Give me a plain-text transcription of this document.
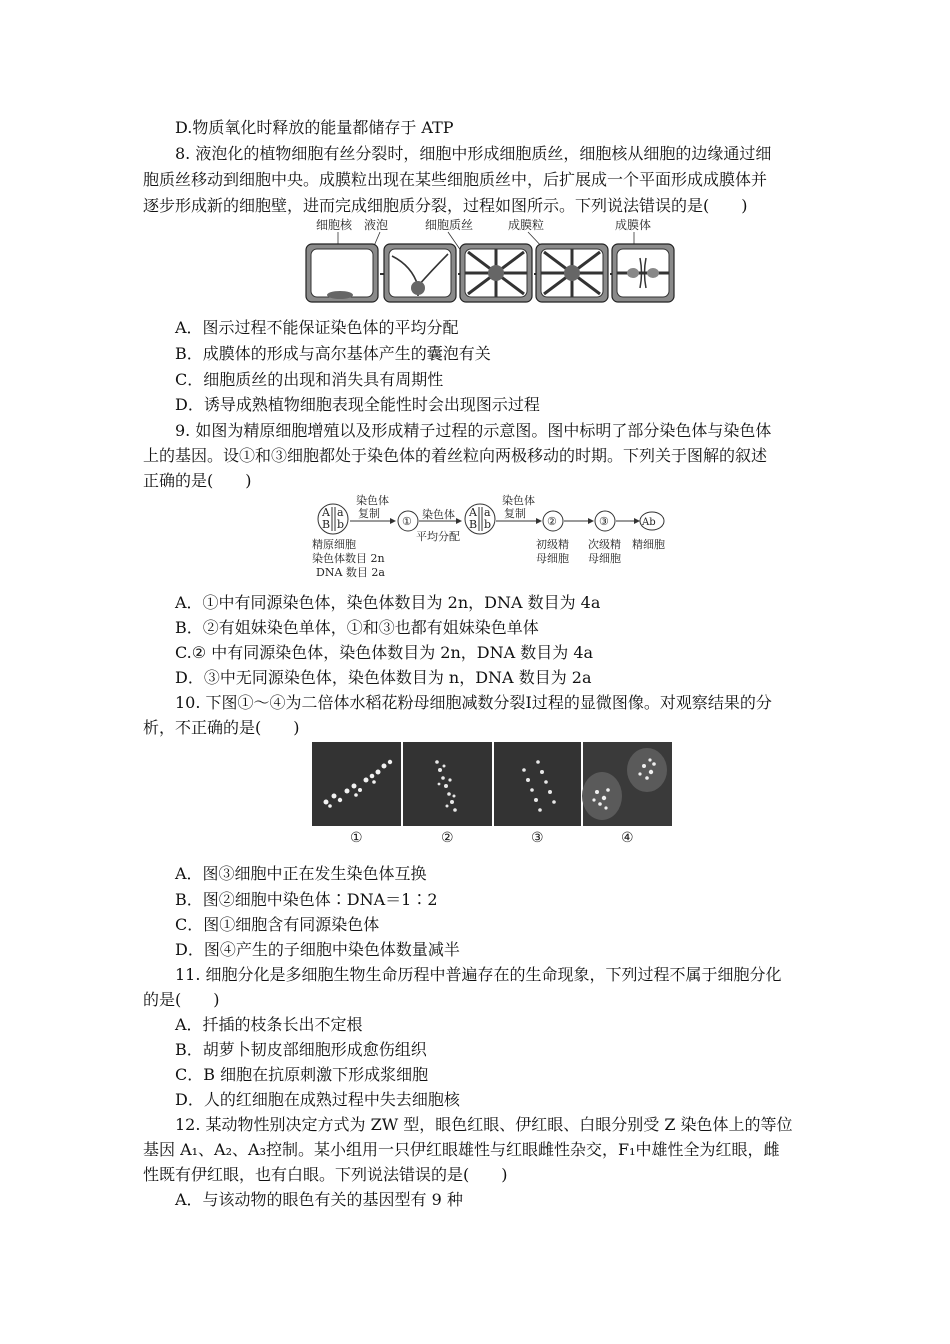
D.物质氧化时释放的能量都储存于 ATP
8. 液泡化的植物细胞有丝分裂时，细胞中形成细胞质丝，细胞核从细胞的边缘通过细
胞质丝移动到细胞中央。成膜粒出现在某些细胞质丝中，后扩展成一个平面形成成膜体并
逐步形成新的细胞壁，进而完成细胞质分裂，过程如图所示。下列说法错误的是(　　)
细胞核 液泡	细胞质丝	成膜粒	成膜体
A．图示过程不能保证染色体的平均分配
B．成膜体的形成与高尔基体产生的囊泡有关
C．细胞质丝的出现和消失具有周期性
D．诱导成熟植物细胞表现全能性时会出现图示过程
9. 如图为精原细胞增殖以及形成精子过程的示意图。图中标明了部分染色体与染色体
上的基因。设①和③细胞都处于染色体的着丝粒向两极移动的时期。下列关于图解的叙述
正确的是(　　)
A a
B b
染色体
复制
①
染色体
平均分配
A a
B b
染色体
复制
②	③	Ab
精原细胞
染色体数目 2n
DNA 数目 2a
初级精
母细胞
次级精
母细胞
精细胞
A．①中有同源染色体，染色体数目为 2n，DNA 数目为 4a
B．②有姐妹染色单体，①和③也都有姐妹染色单体
C.② 中有同源染色体，染色体数目为 2n，DNA 数目为 4a
D．③中无同源染色体，染色体数目为 n，DNA 数目为 2a
10. 下图①～④为二倍体水稻花粉母细胞减数分裂Ⅰ过程的显微图像。对观察结果的分
析，不正确的是(　　)
①	②	③	④
A．图③细胞中正在发生染色体互换
B．图②细胞中染色体∶DNA＝1∶2
C．图①细胞含有同源染色体
D．图④产生的子细胞中染色体数量减半
11. 细胞分化是多细胞生物生命历程中普遍存在的生命现象，下列过程不属于细胞分化
的是(　　)
A．扦插的枝条长出不定根
B．胡萝卜韧皮部细胞形成愈伤组织
C．B 细胞在抗原刺激下形成浆细胞
D．人的红细胞在成熟过程中失去细胞核
12. 某动物性别决定方式为 ZW 型，眼色红眼、伊红眼、白眼分别受 Z 染色体上的等位
基因 A₁、A₂、A₃控制。某小组用一只伊红眼雄性与红眼雌性杂交，F₁中雄性全为红眼，雌
性既有伊红眼，也有白眼。下列说法错误的是(　　)
A．与该动物的眼色有关的基因型有 9 种
